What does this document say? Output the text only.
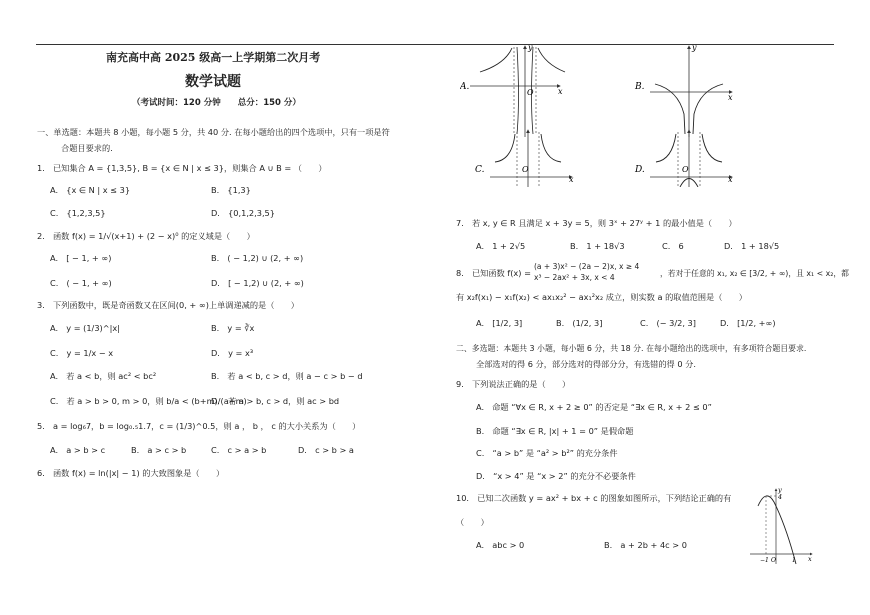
南充高中高 2025 级高一上学期第二次月考
数学试题
（考试时间：120 分钟　　总分：150 分）
一、单选题：本题共 8 小题，每小题 5 分，共 40 分. 在每小题给出的四个选项中，只有一项是符
合题目要求的.
1.　已知集合 A = {1,3,5}, B = {x ∈ N | x ≤ 3}，则集合 A ∪ B = （　　）
A.　{x ∈ N | x ≤ 3}	B.　{1,3}
C.　{1,2,3,5}	D.　{0,1,2,3,5}
2.　函数 f(x) = 1/√(x+1) + (2 − x)⁰ 的定义域是（　　）
A.　[ − 1, + ∞)	B.　( − 1,2) ∪ (2, + ∞)
C.　( − 1, + ∞)	D.　[ − 1,2) ∪ (2, + ∞)
3.　下列函数中，既是奇函数又在区间(0, + ∞)上单调递减的是（　　）
A.　y = (1/3)^|x|	B.　y = ∛x
C.　y = 1/x − x	D.　y = x³
A.　若 a < b，则 ac² < bc²	B.　若 a < b, c > d，则 a − c > b − d
C.　若 a > b > 0, m > 0，则 b/a < (b+m)/(a+m)
D.　若 a > b, c > d，则 ac > bd
5.　a = log₆7，b = log₀.₅1.7，c = (1/3)^0.5，则 a ， b ， c 的大小关系为（　　）
A.　a > b > c	B.　a > c > b	C.　c > a > b	D.　c > b > a
6.　函数 f(x) = ln(|x| − 1) 的大致图象是（　　）
A.	x
y
O
B.
x
y
C.
x
O	D.
x
O
7.　若 x, y ∈ R 且满足 x + 3y = 5，则 3ˣ + 27ʸ + 1 的最小值是（　　）
A.　1 + 2√5	B.　1 + 18√3	C.　6	D.　1 + 18√5
8.　已知函数 f(x) =
(a + 3)x² − (2a − 2)x, x ≥ 4
x³ − 2ax² + 3x, x < 4	，若对于任意的 x₁, x₂ ∈ [3/2, + ∞)，且 x₁ < x₂，都
有 x₂f(x₁) − x₁f(x₂) < ax₁x₂² − ax₁²x₂ 成立，则实数 a 的取值范围是（　　）
A.　[1/2, 3]	B.　(1/2, 3]	C.　(− 3/2, 3]	D.　[1/2, +∞)
二、多选题：本题共 3 小题，每小题 6 分，共 18 分. 在每小题给出的选项中，有多项符合题目要求.
全部选对的得 6 分，部分选对的得部分分，有选错的得 0 分.
9.　下列说法正确的是（　　）
A.　命题 “∀x ∈ R, x + 2 ≥ 0” 的否定是 “∃x ∈ R, x + 2 ≤ 0”
B.　命题 “∃x ∈ R, |x| + 1 = 0” 是假命题
C.　“a > b” 是 “a² > b²” 的充分条件
D.　“x > 4” 是 “x > 2” 的充分不必要条件
10.　已知二次函数 y = ax² + bx + c 的图象如图所示，下列结论正确的有
（　　）
A.　abc > 0	B.　a + 2b + 4c > 0
4
−1 O	1 x
y
